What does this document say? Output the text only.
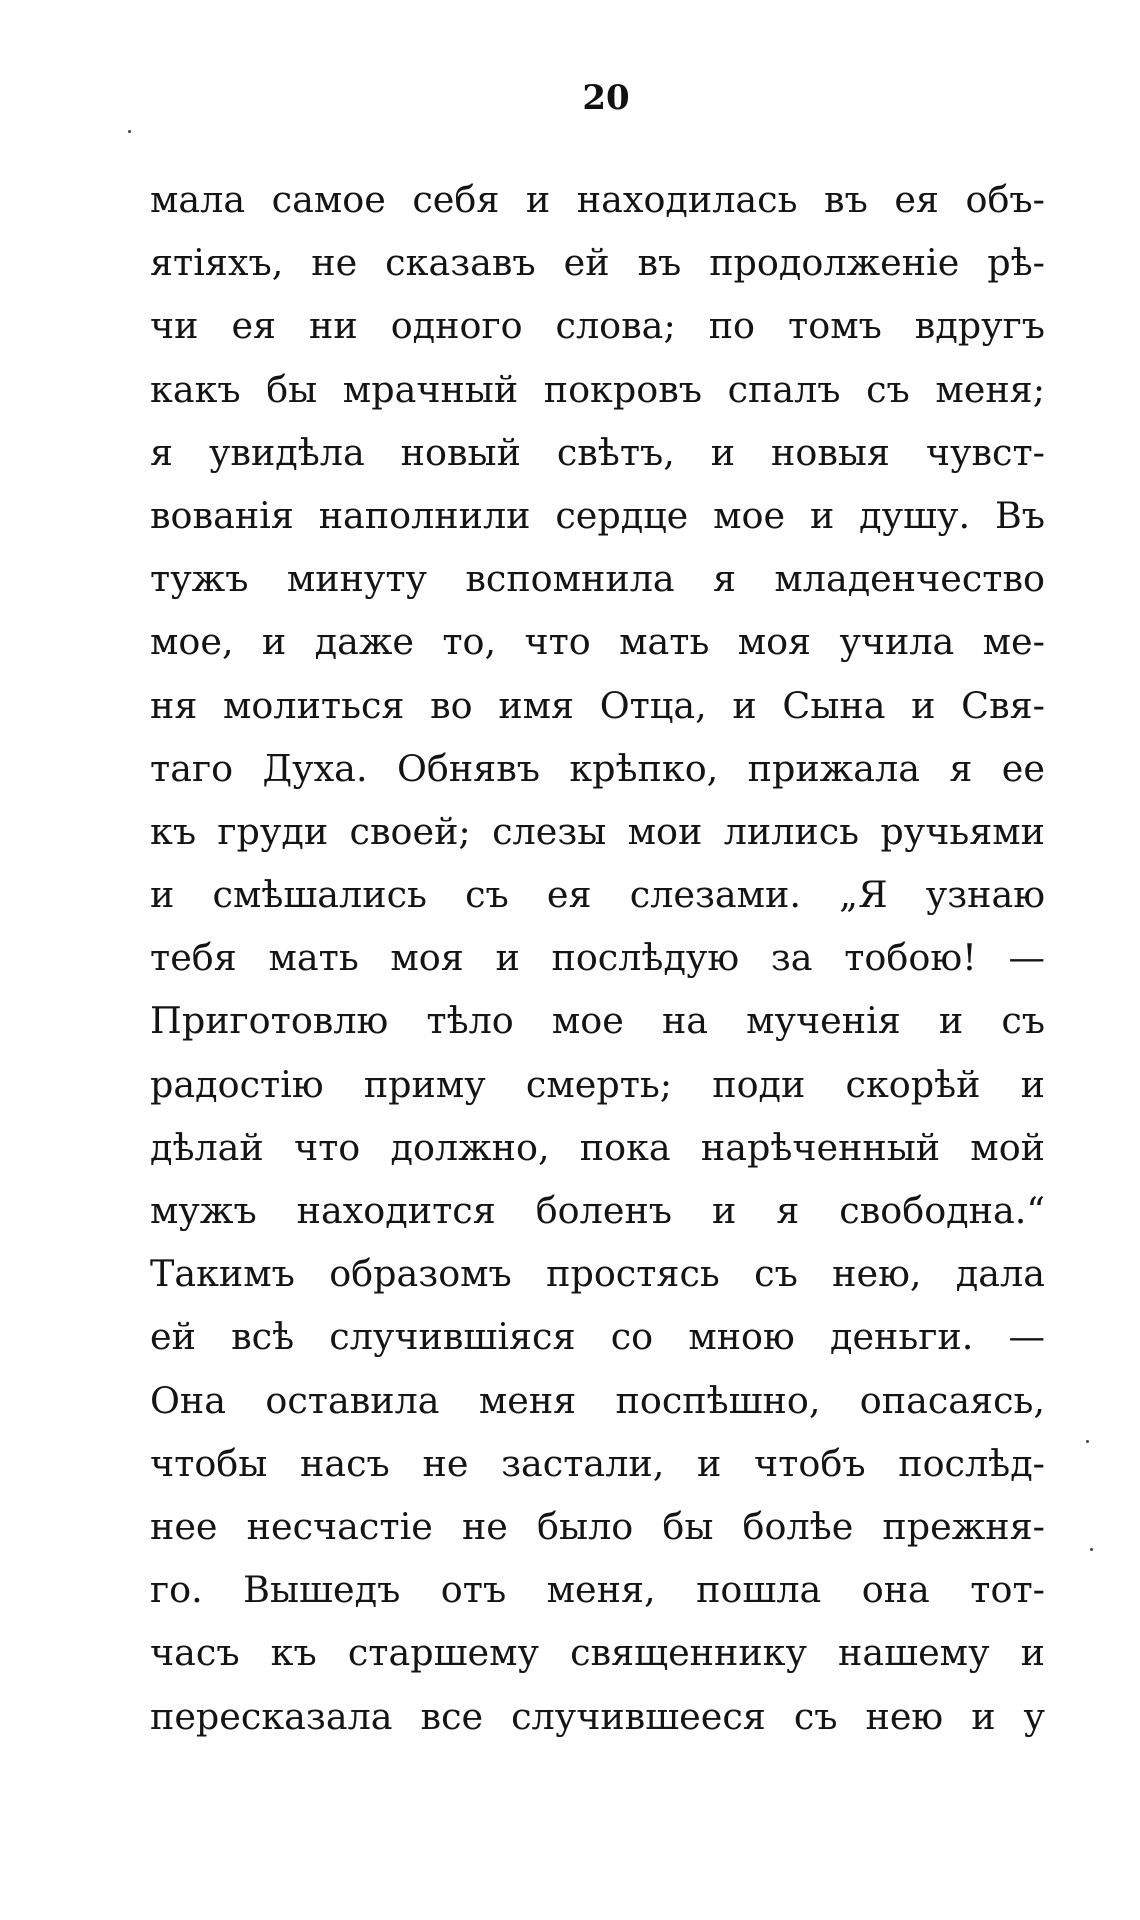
20
мала самое себя и находилась въ ея объ-
ятіяхъ, не сказавъ ей въ продолженіе рѣ-
чи ея ни одного слова; по томъ вдругъ
какъ бы мрачный покровъ спалъ съ меня;
я увидѣла новый свѣтъ, и новыя чувст-
вованія наполнили сердце мое и душу. Въ
тужъ минуту вспомнила я младенчество
мое, и даже то, что мать моя учила ме-
ня молиться во имя Отца, и Сына и Свя-
таго Духа. Обнявъ крѣпко, прижала я ее
къ груди своей; слезы мои лились ручьями
и смѣшались съ ея слезами. „Я узнаю
тебя мать моя и послѣдую за тобою! —
Приготовлю тѣло мое на мученія и съ
радостію приму смерть; поди скорѣй и
дѣлай что должно, пока нарѣченный мой
мужъ находится боленъ и я свободна.“
Такимъ образомъ простясь съ нею, дала
ей всѣ случившіяся со мною деньги. —
Она оставила меня поспѣшно, опасаясь,
чтобы насъ не застали, и чтобъ послѣд-
нее несчастіе не было бы болѣе прежня-
го. Вышедъ отъ меня, пошла она тот-
часъ къ старшему священнику нашему и
пересказала все случившееся съ нею и у
